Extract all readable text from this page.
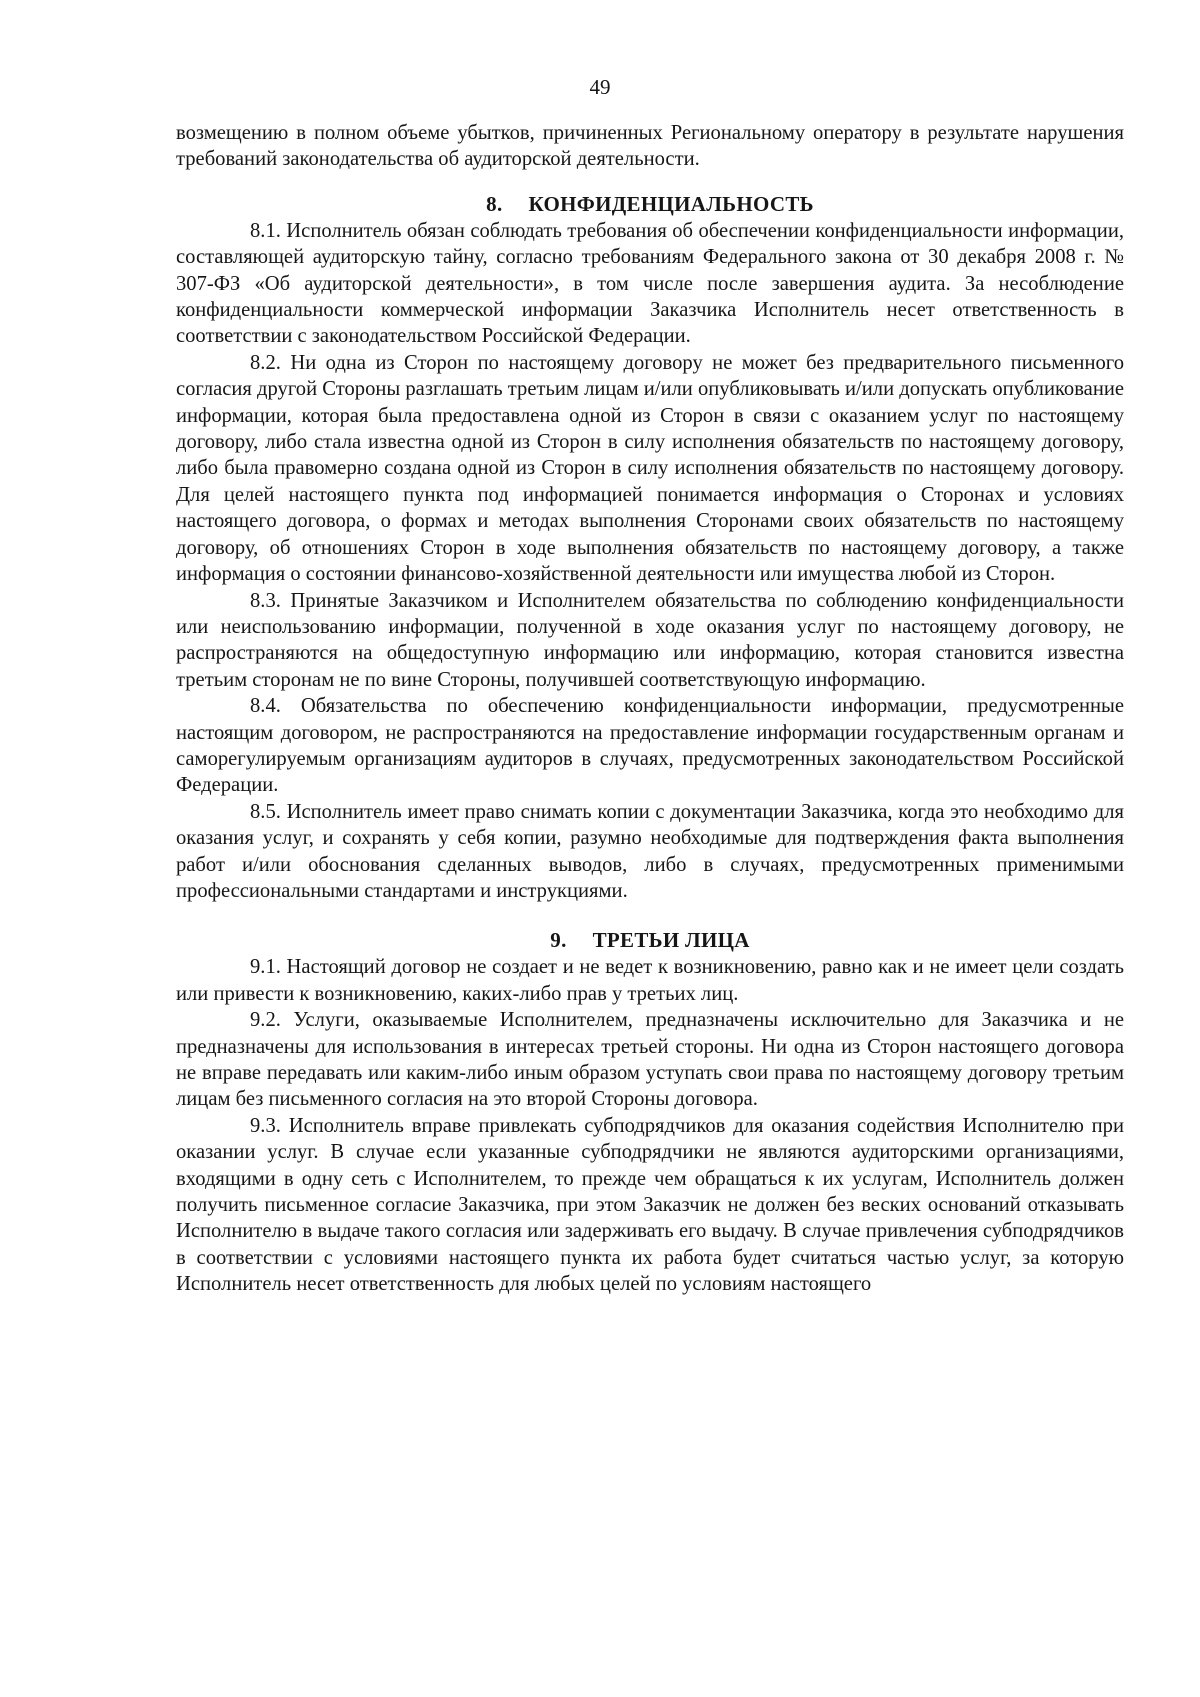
49

возмещению в полном объеме убытков, причиненных Региональному оператору в результате нарушения требований законодательства об аудиторской деятельности.

8. КОНФИДЕНЦИАЛЬНОСТЬ

8.1. Исполнитель обязан соблюдать требования об обеспечении конфиденциальности информации, составляющей аудиторскую тайну, согласно требованиям Федерального закона от 30 декабря 2008 г. № 307-ФЗ «Об аудиторской деятельности», в том числе после завершения аудита. За несоблюдение конфиденциальности коммерческой информации Заказчика Исполнитель несет ответственность в соответствии с законодательством Российской Федерации.

8.2. Ни одна из Сторон по настоящему договору не может без предварительного письменного согласия другой Стороны разглашать третьим лицам и/или опубликовывать и/или допускать опубликование информации, которая была предоставлена одной из Сторон в связи с оказанием услуг по настоящему договору, либо стала известна одной из Сторон в силу исполнения обязательств по настоящему договору, либо была правомерно создана одной из Сторон в силу исполнения обязательств по настоящему договору. Для целей настоящего пункта под информацией понимается информация о Сторонах и условиях настоящего договора, о формах и методах выполнения Сторонами своих обязательств по настоящему договору, об отношениях Сторон в ходе выполнения обязательств по настоящему договору, а также информация о состоянии финансово-хозяйственной деятельности или имущества любой из Сторон.

8.3. Принятые Заказчиком и Исполнителем обязательства по соблюдению конфиденциальности или неиспользованию информации, полученной в ходе оказания услуг по настоящему договору, не распространяются на общедоступную информацию или информацию, которая становится известна третьим сторонам не по вине Стороны, получившей соответствующую информацию.

8.4. Обязательства по обеспечению конфиденциальности информации, предусмотренные настоящим договором, не распространяются на предоставление информации государственным органам и саморегулируемым организациям аудиторов в случаях, предусмотренных законодательством Российской Федерации.

8.5. Исполнитель имеет право снимать копии с документации Заказчика, когда это необходимо для оказания услуг, и сохранять у себя копии, разумно необходимые для подтверждения факта выполнения работ и/или обоснования сделанных выводов, либо в случаях, предусмотренных применимыми профессиональными стандартами и инструкциями.

9. ТРЕТЬИ ЛИЦА

9.1. Настоящий договор не создает и не ведет к возникновению, равно как и не имеет цели создать или привести к возникновению, каких-либо прав у третьих лиц.

9.2. Услуги, оказываемые Исполнителем, предназначены исключительно для Заказчика и не предназначены для использования в интересах третьей стороны. Ни одна из Сторон настоящего договора не вправе передавать или каким-либо иным образом уступать свои права по настоящему договору третьим лицам без письменного согласия на это второй Стороны договора.

9.3. Исполнитель вправе привлекать субподрядчиков для оказания содействия Исполнителю при оказании услуг. В случае если указанные субподрядчики не являются аудиторскими организациями, входящими в одну сеть с Исполнителем, то прежде чем обращаться к их услугам, Исполнитель должен получить письменное согласие Заказчика, при этом Заказчик не должен без веских оснований отказывать Исполнителю в выдаче такого согласия или задерживать его выдачу. В случае привлечения субподрядчиков в соответствии с условиями настоящего пункта их работа будет считаться частью услуг, за которую Исполнитель несет ответственность для любых целей по условиям настоящего
